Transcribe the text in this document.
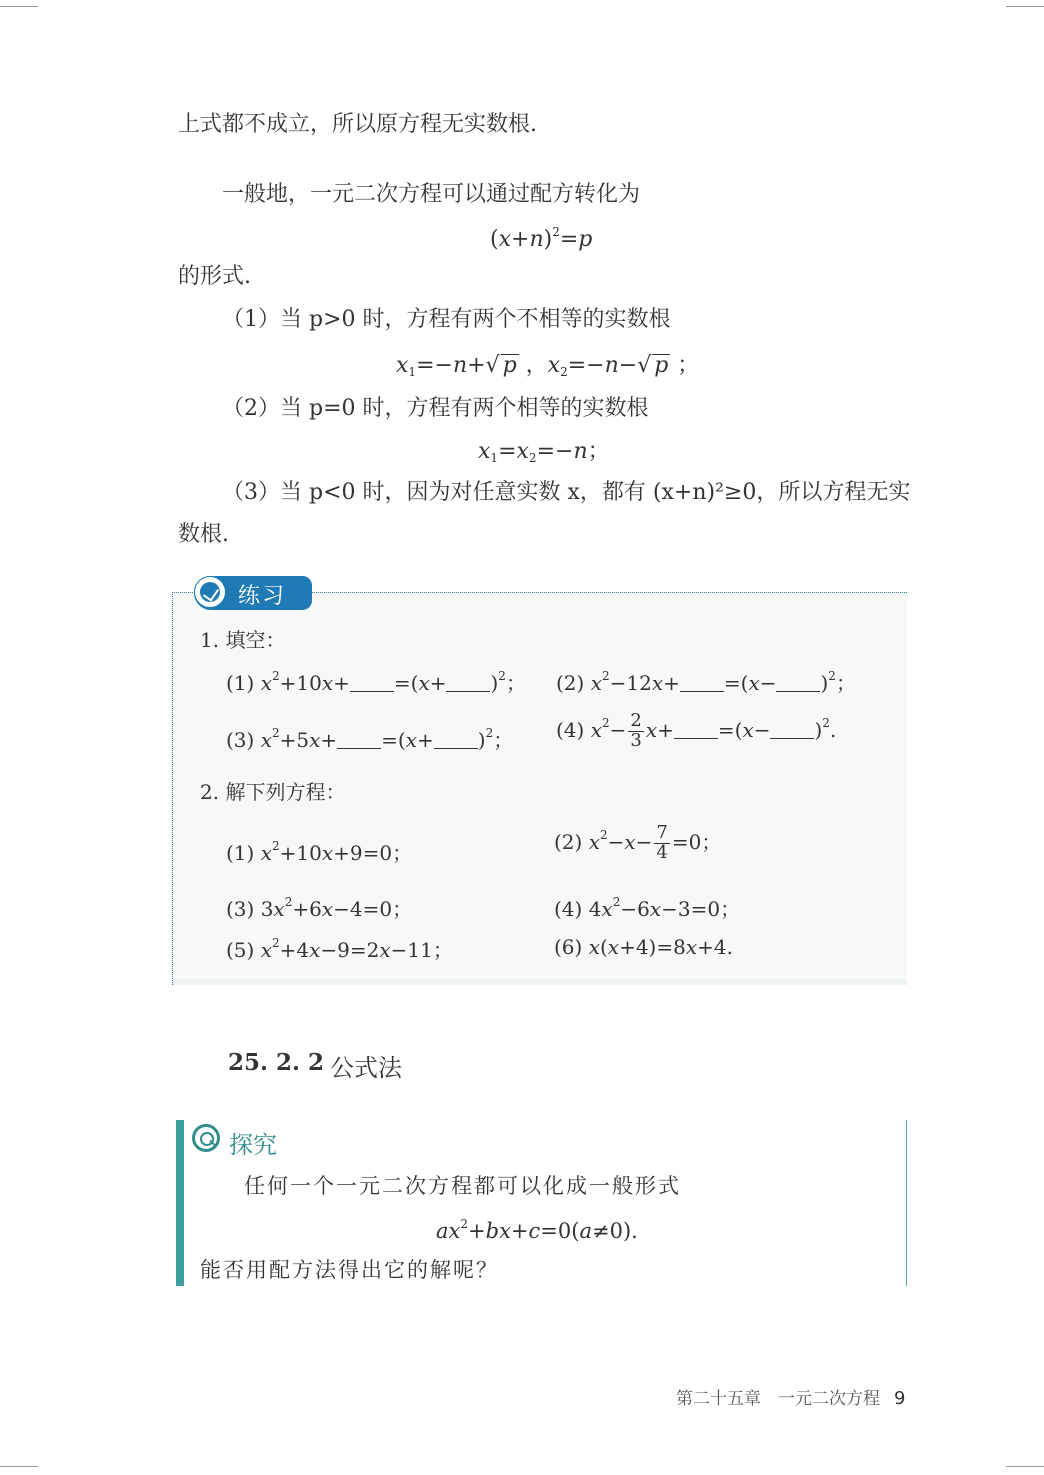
上式都不成立，所以原方程无实数根.
一般地，一元二次方程可以通过配方转化为
$(x+n)^2=p$
的形式.
（1）当 p>0 时，方程有两个不相等的实数根
$x_1=-n+√$ p ，$x_2=-n-√$ p ；
（2）当 p=0 时，方程有两个相等的实数根
$x_1=x_2=-n$；
（3）当 p<0 时，因为对任意实数 x，都有 (x+n)²≥0，所以方程无实
数根.
练习
1. 填空：
(1) $x^2+10x+ =(x+ )^2$； (2) $x^2-12x+ =(x- )^2$；
(3) $x^2+5x+ =(x+ )^2$； (4) $x^2- \frac{2}{3} x+ =(x- )^2$.
2. 解下列方程：
(1) $x^2+10x+9=0$；	(2) $x^2-x- \frac{7}{4} =0$；
(3) $3x^2+6x-4=0$；	(4) $4x^2-6x-3=0$；
(5) $x^2+4x-9=2x-11$；	(6) x(x+4)=8x+4.
25. 2. 2 公式法
探究
任何一个一元二次方程都可以化成一般形式
$ax^2+bx+c=0(a\ne 0)$.
能否用配方法得出它的解呢？
第二十五章　一元二次方程 9
